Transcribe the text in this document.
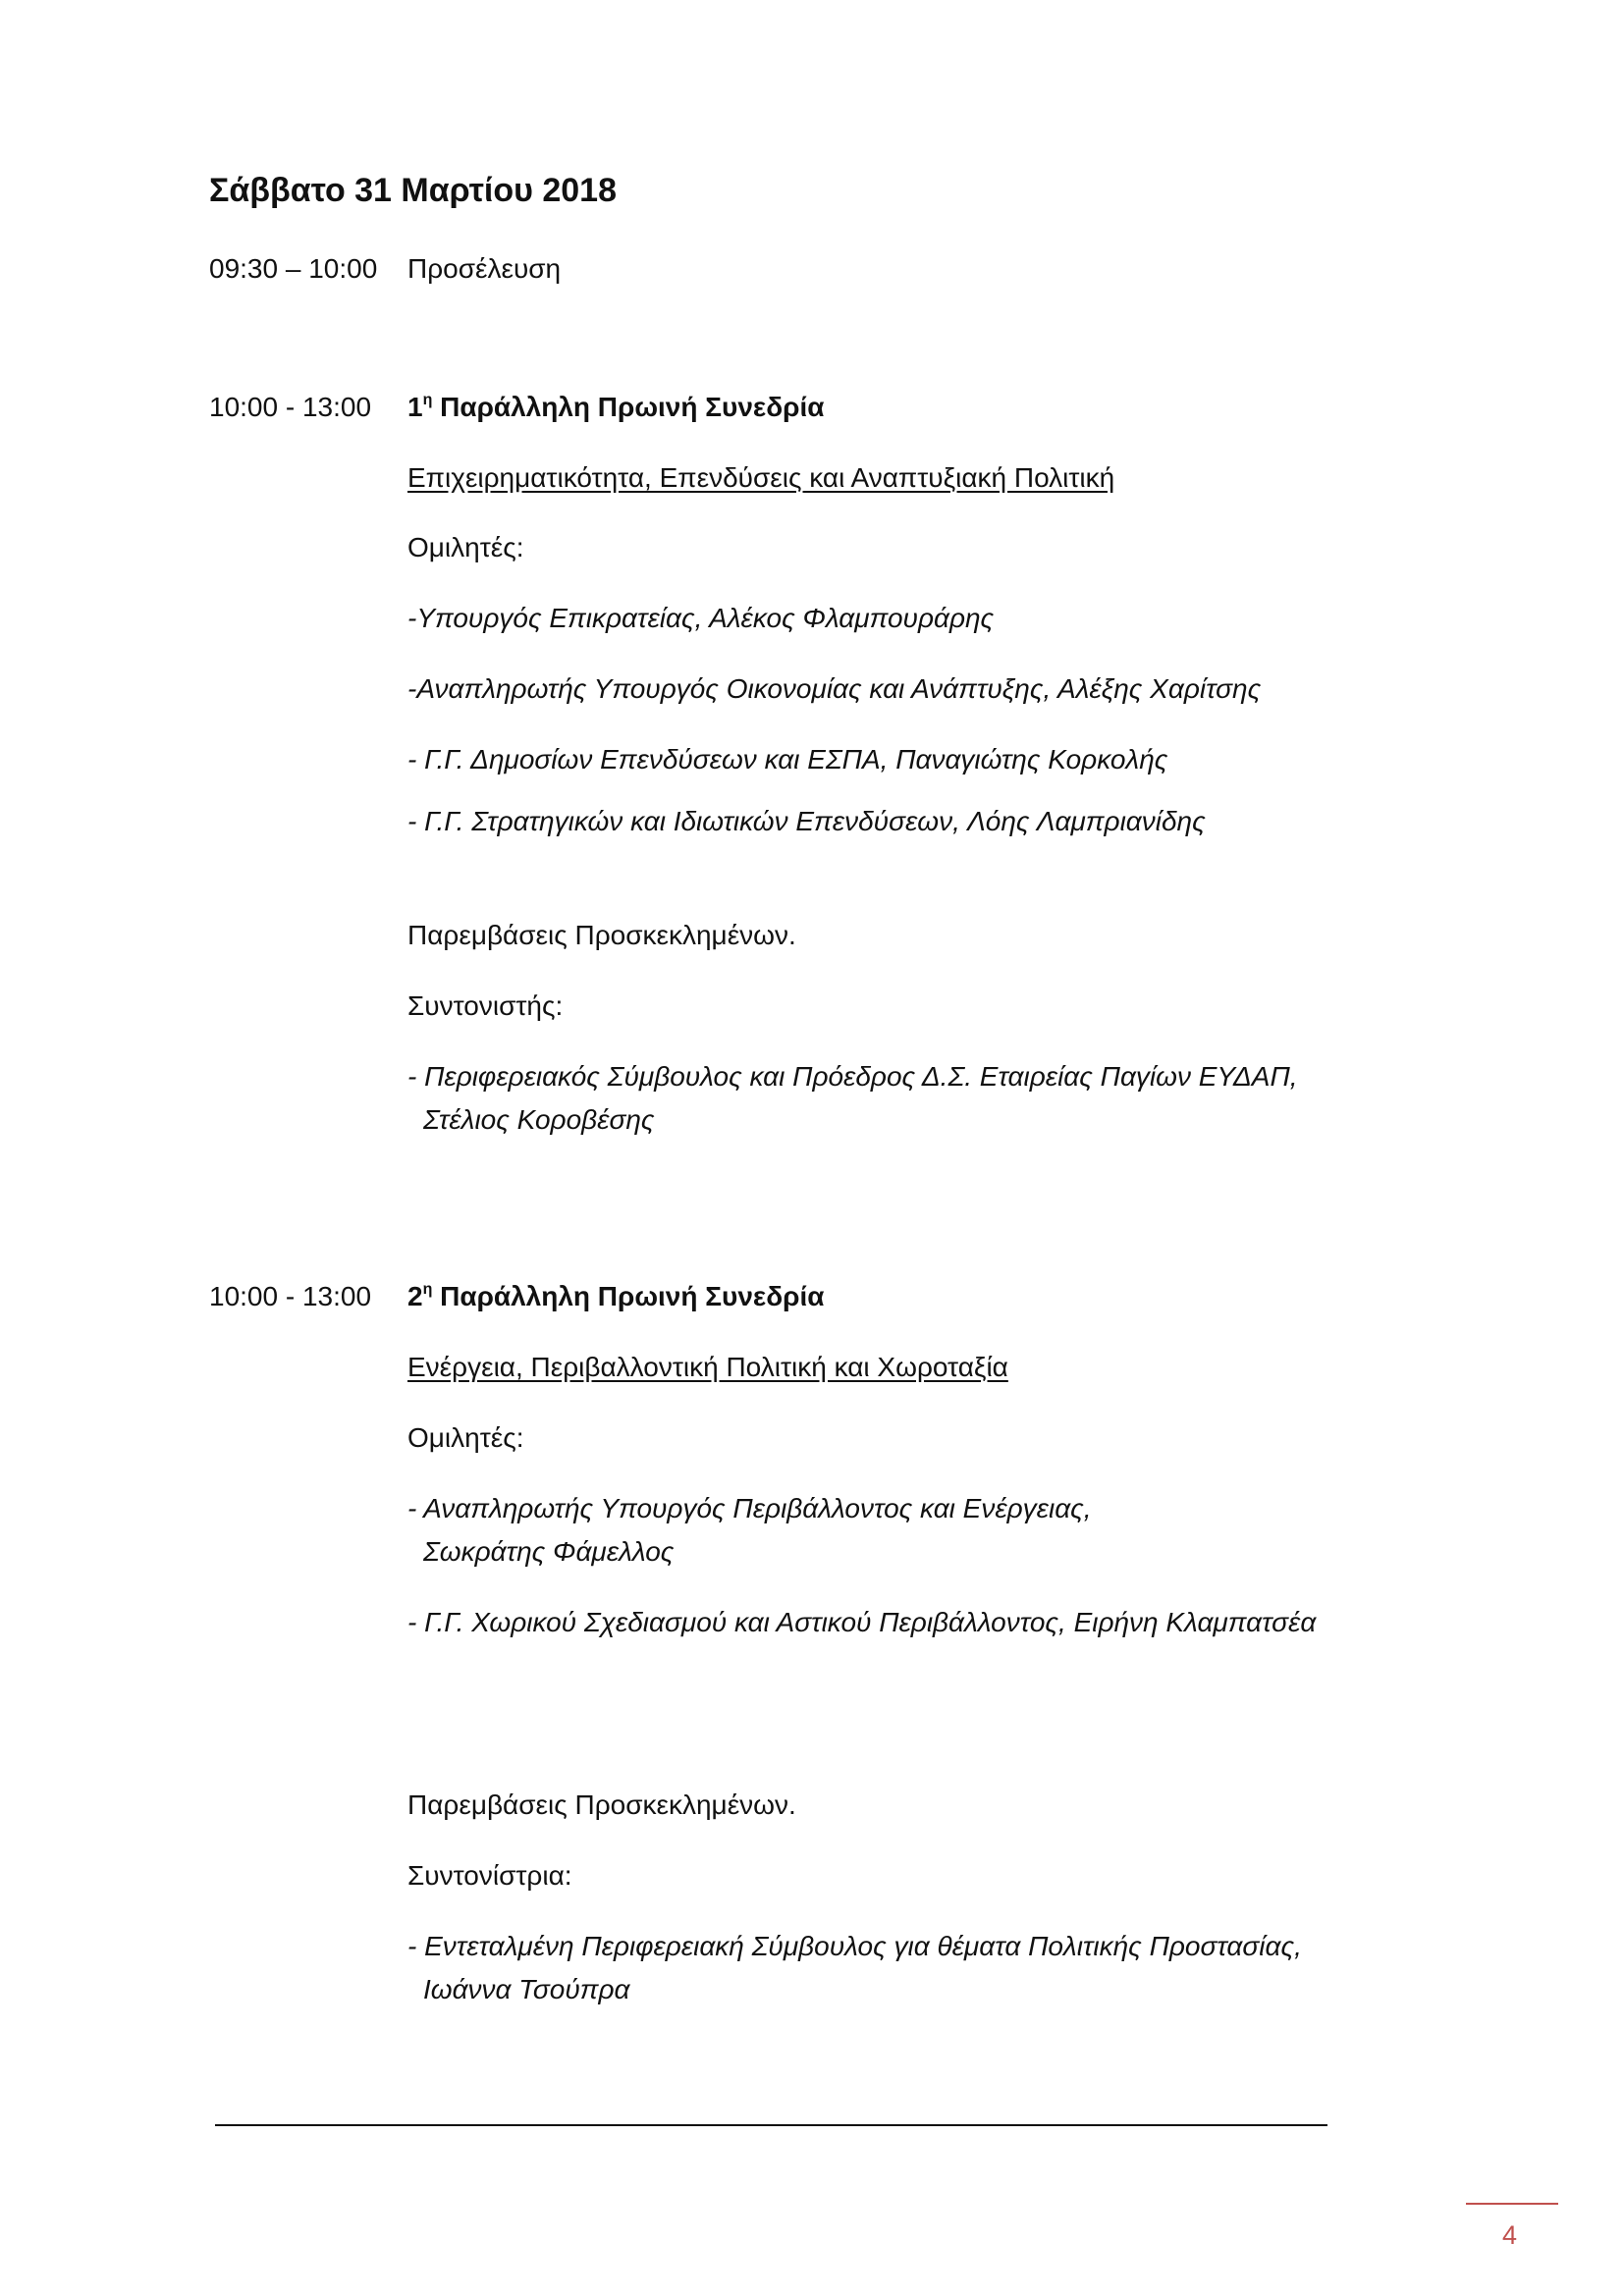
Σάββατο 31 Μαρτίου 2018
09:30 – 10:00 Προσέλευση
10:00 - 13:00 $1^\eta$ Παράλληλη Πρωινή Συνεδρία
Επιχειρηματικότητα, Επενδύσεις και Αναπτυξιακή Πολιτική
Ομιλητές:
-Υπουργός Επικρατείας, Αλέκος Φλαμπουράρης
-Αναπληρωτής Υπουργός Οικονομίας και Ανάπτυξης, Αλέξης Χαρίτσης
- Γ.Γ. Δημοσίων Επενδύσεων και ΕΣΠΑ, Παναγιώτης Κορκολής
- Γ.Γ. Στρατηγικών και Ιδιωτικών Επενδύσεων, Λόης Λαμπριανίδης
Παρεμβάσεις Προσκεκλημένων.
Συντονιστής:
- Περιφερειακός Σύμβουλος και Πρόεδρος Δ.Σ. Εταιρείας Παγίων ΕΥΔΑΠ,
Στέλιος Κοροβέσης
10:00 - 13:00 $2^\eta$ Παράλληλη Πρωινή Συνεδρία
Ενέργεια, Περιβαλλοντική Πολιτική και Χωροταξία
Ομιλητές:
- Αναπληρωτής Υπουργός Περιβάλλοντος και Ενέργειας,
Σωκράτης Φάμελλος
- Γ.Γ. Χωρικού Σχεδιασμού και Αστικού Περιβάλλοντος, Ειρήνη Κλαμπατσέα
Παρεμβάσεις Προσκεκλημένων.
Συντονίστρια:
- Εντεταλμένη Περιφερειακή Σύμβουλος για θέματα Πολιτικής Προστασίας,
Ιωάννα Τσούπρα
4
